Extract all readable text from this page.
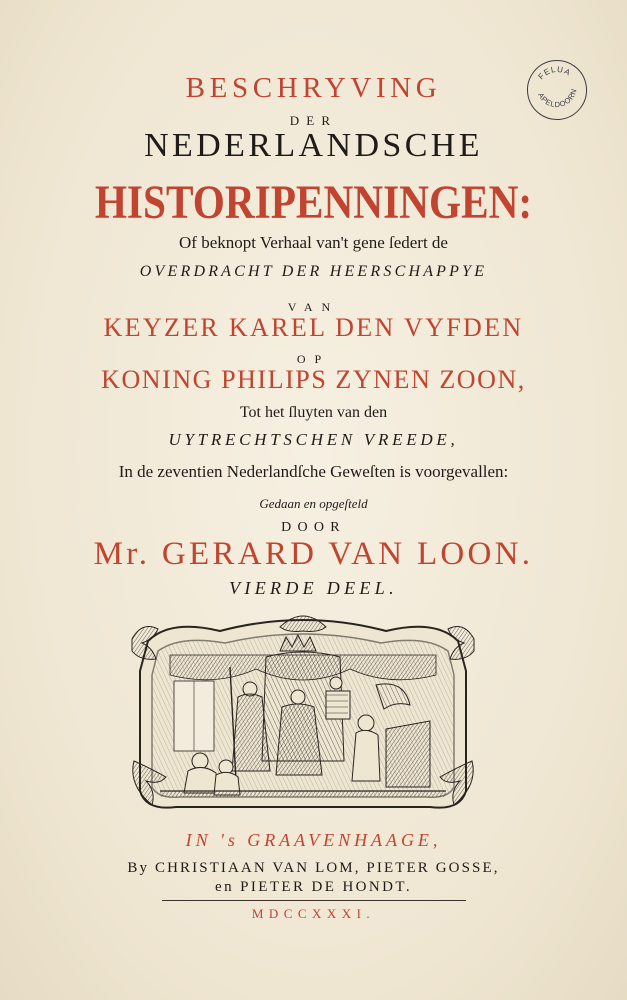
FELUA
APELDOORN
BESCHRYVING
DER
NEDERLANDSCHE
HISTORIPENNINGEN:
Of beknopt Verhaal van't gene ſedert de
OVERDRACHT DER HEERSCHAPPYE
VAN
KEYZER KAREL DEN VYFDEN
OP
KONING PHILIPS ZYNEN ZOON,
Tot het ſluyten van den
UYTRECHTSCHEN VREEDE,
In de zeventien Nederlandſche Geweſten is voorgevallen:
Gedaan en opgeſteld
DOOR
Mr. GERARD VAN LOON.
VIERDE DEEL.
IN 's GRAAVENHAAGE,
By CHRISTIAAN VAN LOM, PIETER GOSSE,
en PIETER DE HONDT.
MDCCXXXI.
